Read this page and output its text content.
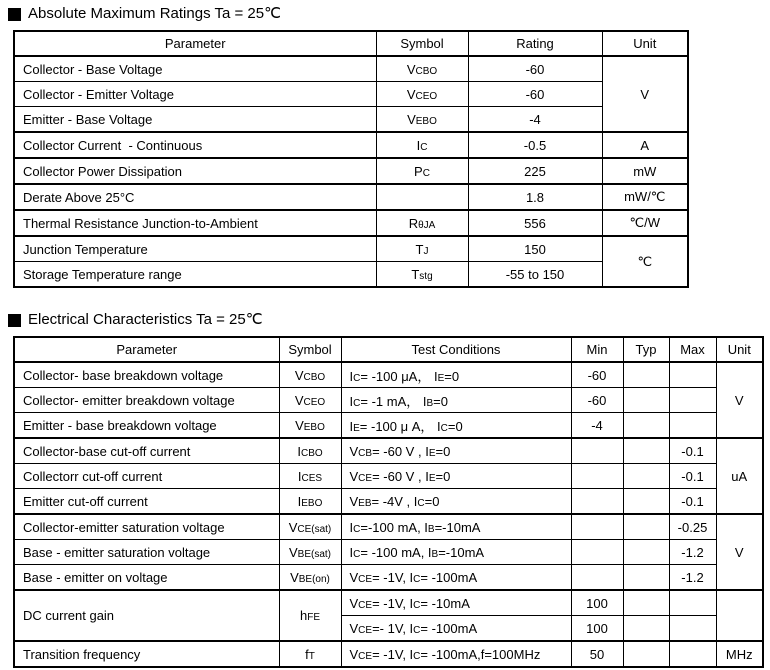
Absolute Maximum Ratings Ta = 25℃
Parameter	Symbol	Rating	Unit
Collector - Base Voltage	VCBO	-60	V
Collector - Emitter Voltage	VCEO	-60	
Emitter - Base Voltage	VEBO	-4	
Collector Current  - Continuous	IC	-0.5	A
Collector Power Dissipation	PC	225	mW
Derate Above 25°C		1.8	mW/℃
Thermal Resistance Junction-to-Ambient	RθJA	556	℃/W
Junction Temperature	TJ	150	℃
Storage Temperature range	Tstg	-55 to 150	
Electrical Characteristics Ta = 25℃
Parameter	Symbol	Test Conditions	Min	Typ	Max	Unit
Collector- base breakdown voltage	VCBO	IC= -100 μA， IE=0	-60			V
Collector- emitter breakdown voltage	VCEO	IC= -1 mA， IB=0	-60			
Emitter - base breakdown voltage	VEBO	IE= -100 μ A， IC=0	-4			
Collector-base cut-off current	ICBO	VCB= -60 V , IE=0			-0.1	uA
Collectorr cut-off current	ICES	VCE= -60 V , IE=0			-0.1	
Emitter cut-off current	IEBO	VEB= -4V , IC=0			-0.1	
Collector-emitter saturation voltage	VCE(sat)	IC=-100 mA, IB=-10mA			-0.25	V
Base - emitter saturation voltage	VBE(sat)	IC= -100 mA, IB=-10mA			-1.2	
Base - emitter on voltage	VBE(on)	VCE= -1V, IC= -100mA			-1.2	
DC current gain	hFE	VCE= -1V, IC= -10mA	100			
		VCE=- 1V, IC= -100mA	100			
Transition frequency	fT	VCE= -1V, IC= -100mA,f=100MHz	50			MHz
